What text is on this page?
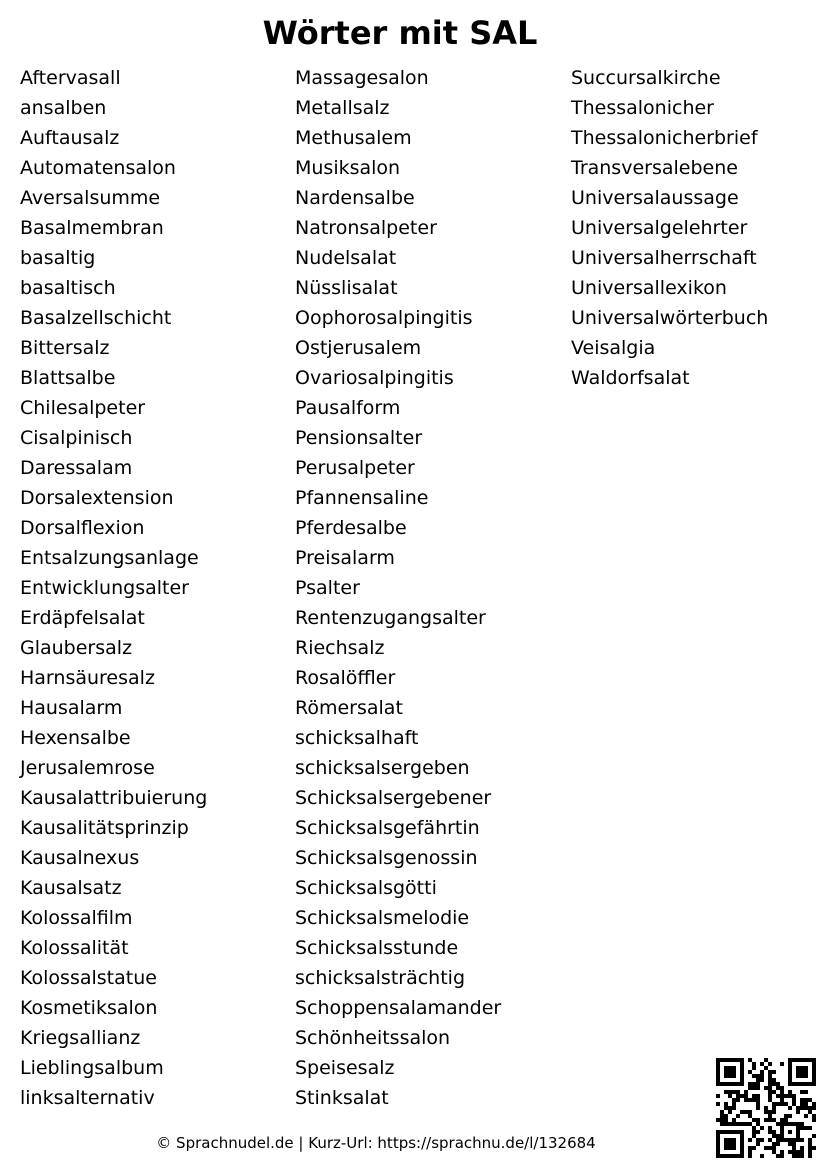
Wörter mit SAL
Aftervasall
ansalben
Auftausalz
Automatensalon
Aversalsumme
Basalmembran
basaltig
basaltisch
Basalzellschicht
Bittersalz
Blattsalbe
Chilesalpeter
Cisalpinisch
Daressalam
Dorsalextension
Dorsalflexion
Entsalzungsanlage
Entwicklungsalter
Erdäpfelsalat
Glaubersalz
Harnsäuresalz
Hausalarm
Hexensalbe
Jerusalemrose
Kausalattribuierung
Kausalitätsprinzip
Kausalnexus
Kausalsatz
Kolossalfilm
Kolossalität
Kolossalstatue
Kosmetiksalon
Kriegsallianz
Lieblingsalbum
linksalternativ
Massagesalon
Metallsalz
Methusalem
Musiksalon
Nardensalbe
Natronsalpeter
Nudelsalat
Nüsslisalat
Oophorosalpingitis
Ostjerusalem
Ovariosalpingitis
Pausalform
Pensionsalter
Perusalpeter
Pfannensaline
Pferdesalbe
Preisalarm
Psalter
Rentenzugangsalter
Riechsalz
Rosalöffler
Römersalat
schicksalhaft
schicksalsergeben
Schicksalsergebener
Schicksalsgefährtin
Schicksalsgenossin
Schicksalsgötti
Schicksalsmelodie
Schicksalsstunde
schicksalsträchtig
Schoppensalamander
Schönheitssalon
Speisesalz
Stinksalat
Succursalkirche
Thessalonicher
Thessalonicherbrief
Transversalebene
Universalaussage
Universalgelehrter
Universalherrschaft
Universallexikon
Universalwörterbuch
Veisalgia
Waldorfsalat
© Sprachnudel.de | Kurz-Url: https://sprachnu.de/l/132684
